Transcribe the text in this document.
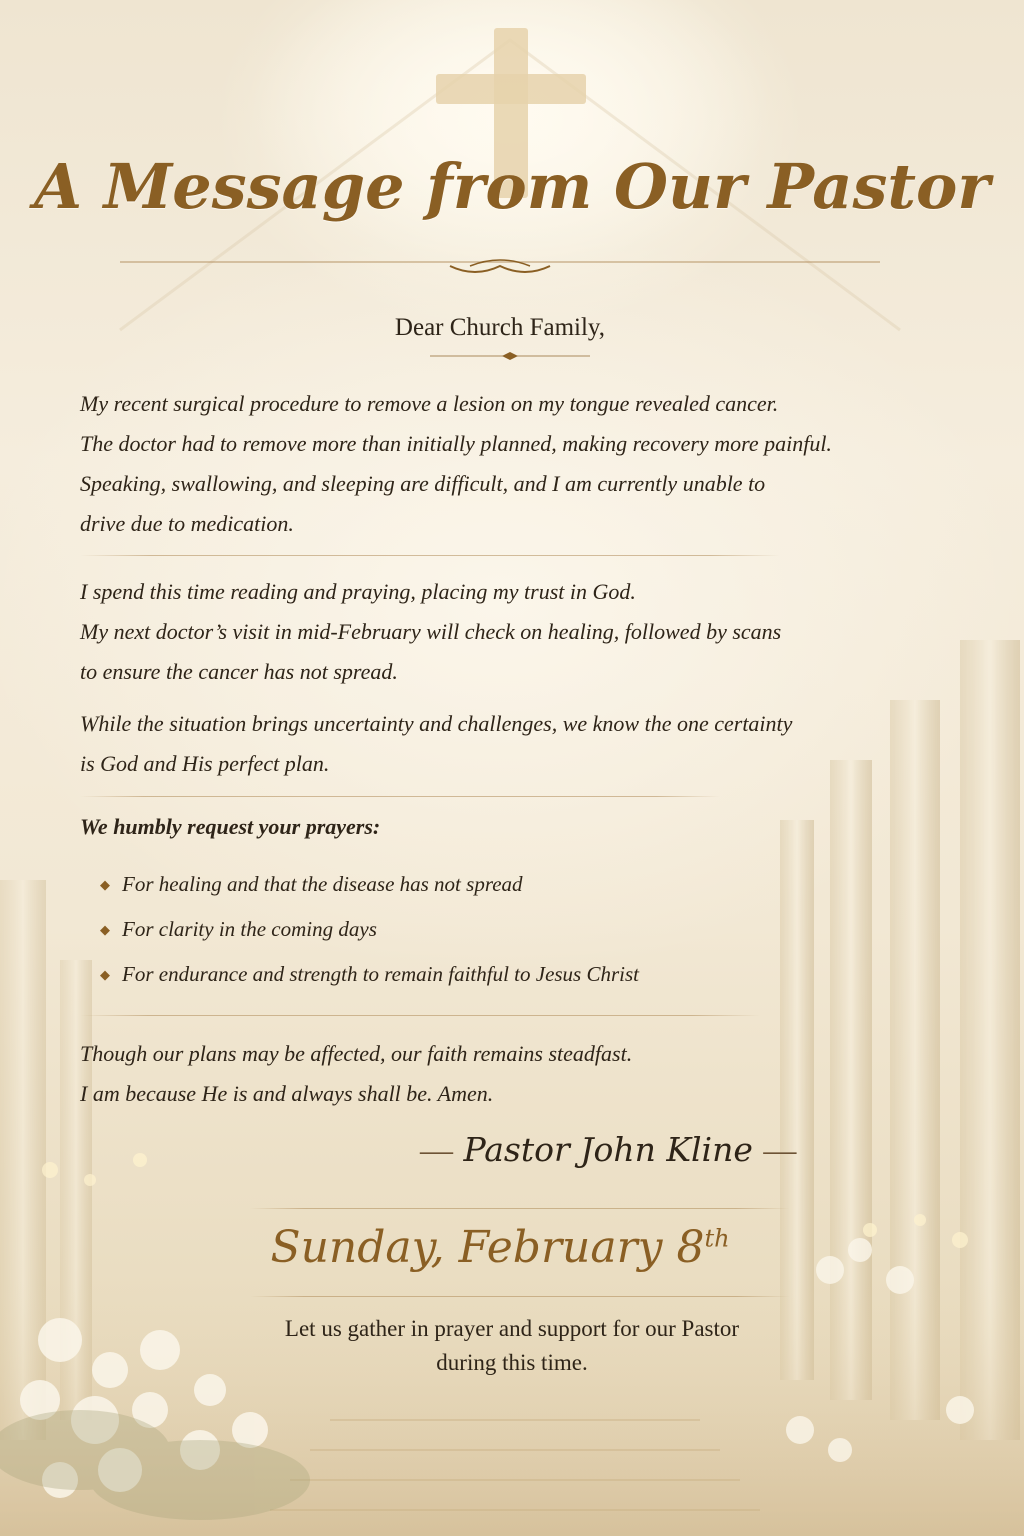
A Message from Our Pastor
Dear Church Family,
My recent surgical procedure to remove a lesion on my tongue revealed cancer.
The doctor had to remove more than initially planned, making recovery more painful.
Speaking, swallowing, and sleeping are difficult, and I am currently unable to
drive due to medication.
I spend this time reading and praying, placing my trust in God.
My next doctor’s visit in mid-February will check on healing, followed by scans
to ensure the cancer has not spread.
While the situation brings uncertainty and challenges, we know the one certainty
is God and His perfect plan.
We humbly request your prayers:
◆ For healing and that the disease has not spread
◆ For clarity in the coming days
◆ For endurance and strength to remain faithful to Jesus Christ
Though our plans may be affected, our faith remains steadfast.
I am because He is and always shall be. Amen.
— Pastor John Kline —
Sunday, February 8th
Let us gather in prayer and support for our Pastor
during this time.
